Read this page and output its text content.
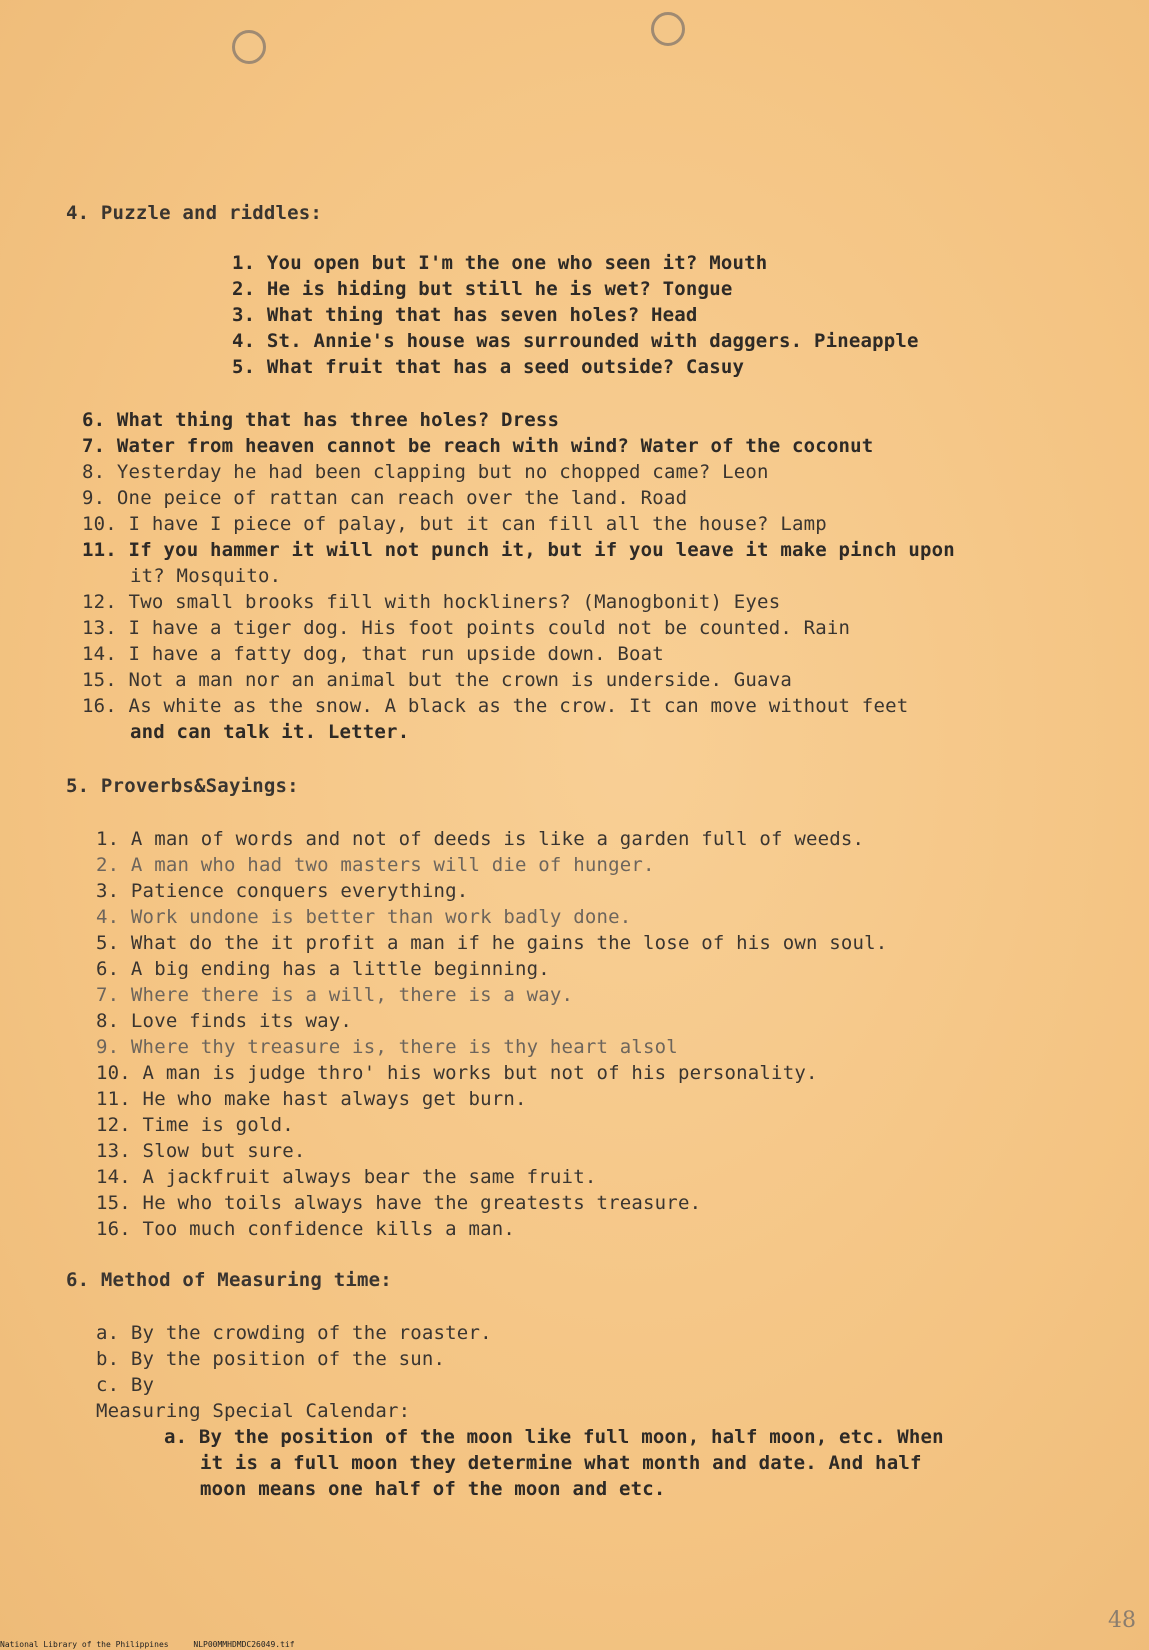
4. Puzzle and riddles:
1. You open but I'm the one who seen it? Mouth
2. He is hiding but still he is wet? Tongue
3. What thing that has seven holes? Head
4. St. Annie's house was surrounded with daggers. Pineapple
5. What fruit that has a seed outside? Casuy
6. What thing that has three holes? Dress
7. Water from heaven cannot be reach with wind? Water of the coconut
8. Yesterday he had been clapping but no chopped came? Leon
9. One peice of rattan can reach over the land. Road
10. I have I piece of palay, but it can fill all the house? Lamp
11. If you hammer it will not punch it, but if you leave it make pinch upon
it? Mosquito.
12. Two small brooks fill with hockliners? (Manogbonit) Eyes
13. I have a tiger dog. His foot points could not be counted. Rain
14. I have a fatty dog, that run upside down. Boat
15. Not a man nor an animal but the crown is underside. Guava
16. As white as the snow. A black as the crow. It can move without feet
and can talk it. Letter.
5. Proverbs&Sayings:
1. A man of words and not of deeds is like a garden full of weeds.
2. A man who had two masters will die of hunger.
3. Patience conquers everything.
4. Work undone is better than work badly done.
5. What do the it profit a man if he gains the lose of his own soul.
6. A big ending has a little beginning.
7. Where there is a will, there is a way.
8. Love finds its way.
9. Where thy treasure is, there is thy heart alsol
10. A man is judge thro' his works but not of his personality.
11. He who make hast always get burn.
12. Time is gold.
13. Slow but sure.
14. A jackfruit always bear the same fruit.
15. He who toils always have the greatests treasure.
16. Too much confidence kills a man.
6. Method of Measuring time:
a. By the crowding of the roaster.
b. By the position of the sun.
c. By
Measuring Special Calendar:
a. By the position of the moon like full moon, half moon, etc. When
it is a full moon they determine what month and date. And half
moon means one half of the moon and etc.
48
National Library of the Philippines	NLP00MMHDMDC26049.tif
